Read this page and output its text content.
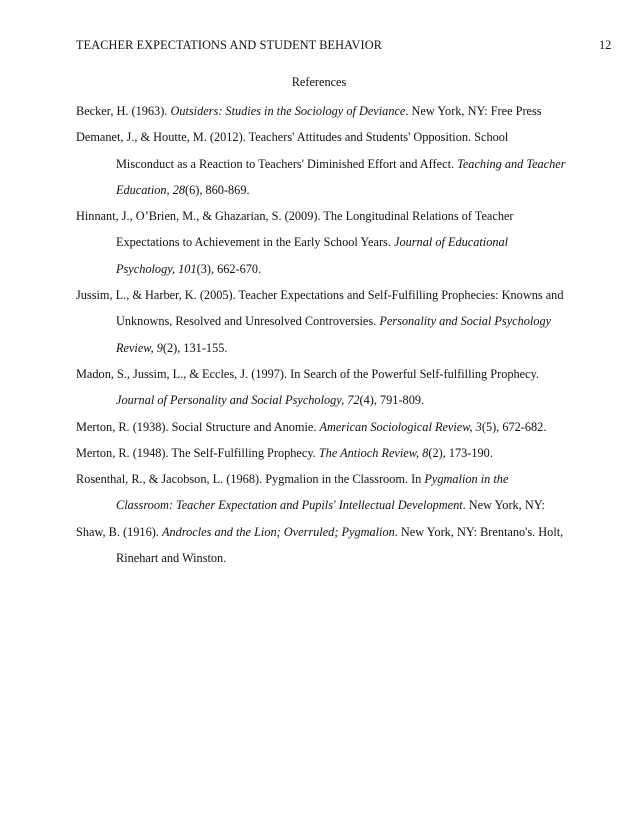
TEACHER EXPECTATIONS AND STUDENT BEHAVIOR	12
References
Becker, H. (1963). Outsiders: Studies in the Sociology of Deviance. New York, NY: Free Press
Demanet, J., & Houtte, M. (2012). Teachers' Attitudes and Students' Opposition. School Misconduct as a Reaction to Teachers' Diminished Effort and Affect. Teaching and Teacher Education, 28(6), 860-869.
Hinnant, J., O’Brien, M., & Ghazarian, S. (2009). The Longitudinal Relations of Teacher Expectations to Achievement in the Early School Years. Journal of Educational Psychology, 101(3), 662-670.
Jussim, L., & Harber, K. (2005). Teacher Expectations and Self-Fulfilling Prophecies: Knowns and Unknowns, Resolved and Unresolved Controversies. Personality and Social Psychology Review, 9(2), 131-155.
Madon, S., Jussim, L., & Eccles, J. (1997). In Search of the Powerful Self-fulfilling Prophecy. Journal of Personality and Social Psychology, 72(4), 791-809.
Merton, R. (1938). Social Structure and Anomie. American Sociological Review, 3(5), 672-682.
Merton, R. (1948). The Self-Fulfilling Prophecy. The Antioch Review, 8(2), 173-190.
Rosenthal, R., & Jacobson, L. (1968). Pygmalion in the Classroom. In Pygmalion in the Classroom: Teacher Expectation and Pupils' Intellectual Development. New York, NY:
Shaw, B. (1916). Androcles and the Lion; Overruled; Pygmalion. New York, NY: Brentano's. Holt, Rinehart and Winston.
